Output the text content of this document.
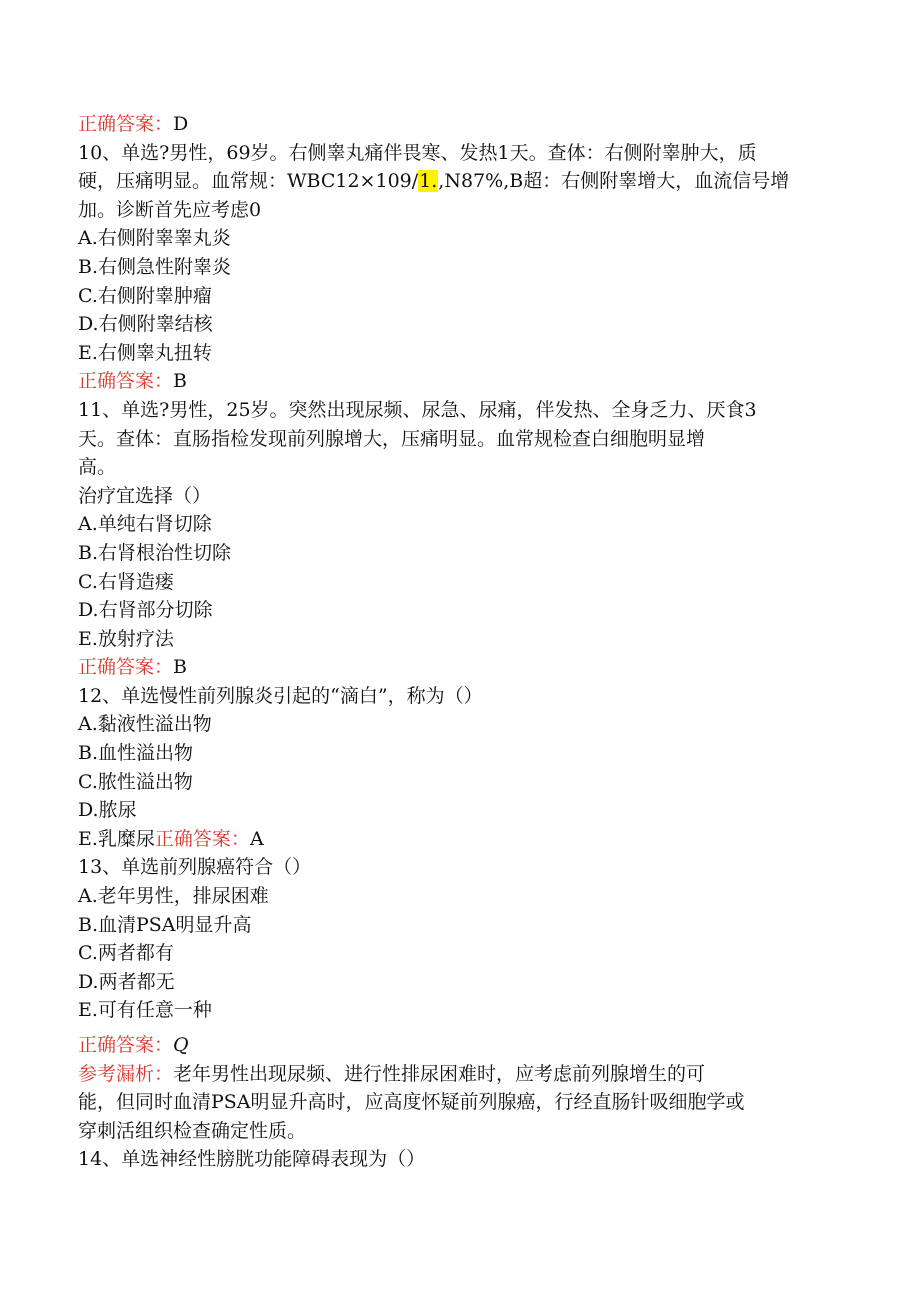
正确答案：D
10、单选?男性，69岁。右侧睾丸痛伴畏寒、发热1天。查体：右侧附睾肿大，质
硬，压痛明显。血常规：WBC12×109/1.,N87%,B超：右侧附睾增大，血流信号增
加。诊断首先应考虑0
A.右侧附睾睾丸炎
B.右侧急性附睾炎
C.右侧附睾肿瘤
D.右侧附睾结核
E.右侧睾丸扭转
正确答案：B
11、单选?男性，25岁。突然出现尿频、尿急、尿痛，伴发热、全身乏力、厌食3
天。查体：直肠指检发现前列腺增大，压痛明显。血常规检查白细胞明显增
高。
治疗宜选择（）
A.单纯右肾切除
B.右肾根治性切除
C.右肾造瘘
D.右肾部分切除
E.放射疗法
正确答案：B
12、单选慢性前列腺炎引起的“滴白”，称为（）
A.黏液性溢出物
B.血性溢出物
C.脓性溢出物
D.脓尿
E.乳糜尿正确答案：A
13、单选前列腺癌符合（）
A.老年男性，排尿困难
B.血清PSA明显升高
C.两者都有
D.两者都无
E.可有任意一种
正确答案：Q
参考漏析：老年男性出现尿频、进行性排尿困难时，应考虑前列腺增生的可
能，但同时血清PSA明显升高时，应高度怀疑前列腺癌，行经直肠针吸细胞学或
穿刺活组织检查确定性质。
14、单选神经性膀胱功能障碍表现为（）
